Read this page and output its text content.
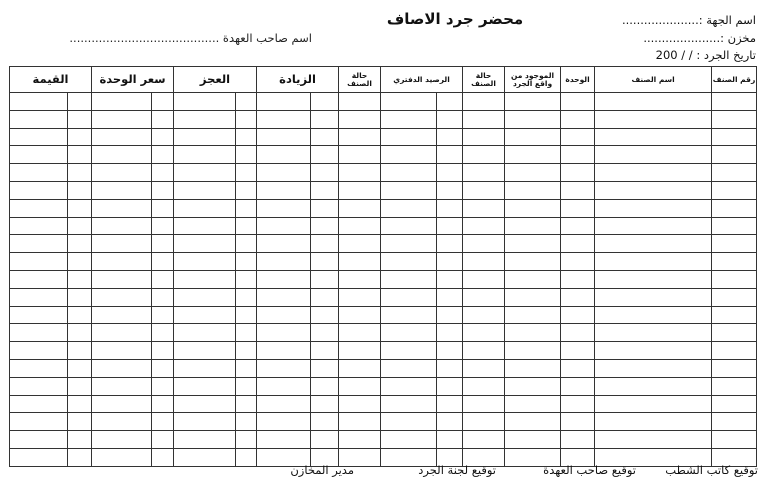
محضر جرد الاصاف	اسم الجهة :.....................
مخزن :.....................
تاريخ الجرد : / / 200
اسم صاحب العهدة .........................................
القيمة		سعر الوحدة		العجز		الزيادة		حالة الصنف	الرصيد الدفتري		حالة الصنف	الموجود من واقع الجرد	الوحدة	اسم الصنف	رقم الصنف

توقيع كاتب الشطب
توقيع صاحب العهدة
توقيع لجنة الجرد
مدير المخازن
